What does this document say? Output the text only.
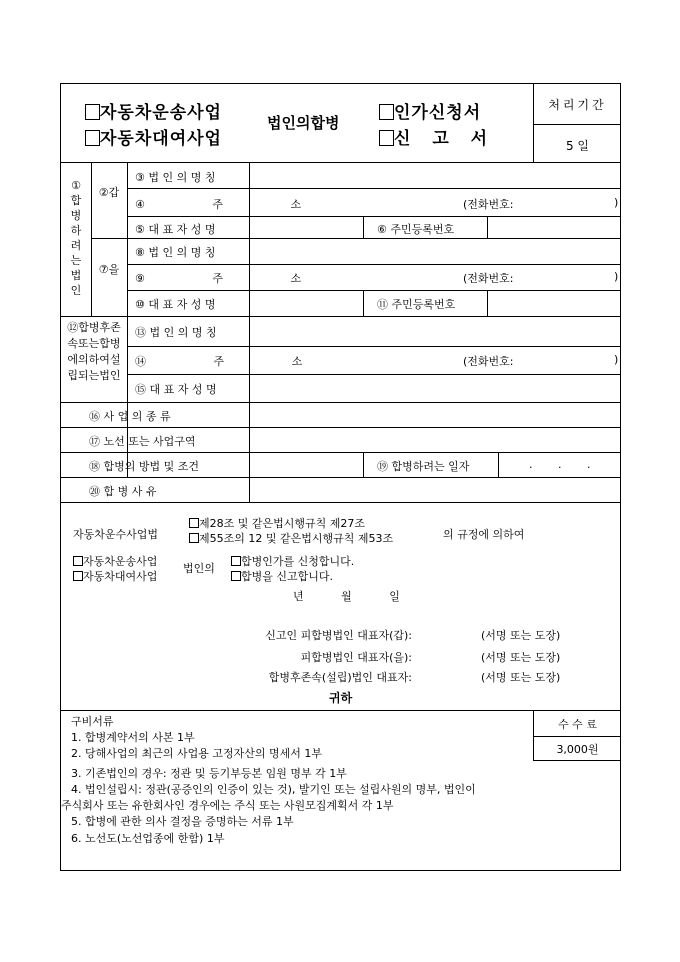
자동차운송사업
자동차대여사업
법인의합병	인가신청서
신 고 서
처리기간
5 일
①합병하려는법인
②갑
③ 법 인 의 명 칭
④ 주 소	(전화번호:	)
⑤ 대 표 자 성 명	⑥ 주민등록번호
⑦을
⑧ 법 인 의 명 칭
⑨ 주 소	(전화번호:	)
⑩ 대 표 자 성 명	⑪ 주민등록번호
⑫합병후존속또는합병에의하여설립되는법인
⑬ 법 인 의 명 칭
⑭ 주 소	(전화번호:	)
⑮ 대 표 자 성 명
⑯ 사 업 의 종 류
⑰ 노선 또는 사업구역
⑱ 합병의 방법 및 조건	⑲ 합병하려는 일자	. . .
⑳ 합 병 사 유
자동차운수사업법
제28조 및 같은법시행규칙 제27조
제55조의 12 및 같은법시행규칙 제53조	의 규정에 의하여
자동차운송사업
자동차대여사업
법인의
합병인가를 신청합니다.
합병을 신고합니다.
년 월 일
신고인 피합병법인 대표자(갑):	(서명 또는 도장)
피합병법인 대표자(을):	(서명 또는 도장)
합병후존속(설립)법인 대표자:	(서명 또는 도장)
귀하
수 수 료
3,000원
구비서류
1. 합병계약서의 사본 1부
2. 당해사업의 최근의 사업용 고정자산의 명세서 1부
3. 기존법인의 경우: 정관 및 등기부등본 임원 명부 각 1부
4. 법인설립시: 정관(공증인의 인증이 있는 것), 발기인 또는 설립사원의 명부, 법인이
주식회사 또는 유한회사인 경우에는 주식 또는 사원모집계획서 각 1부
5. 합병에 관한 의사 결정을 증명하는 서류 1부
6. 노선도(노선업종에 한함) 1부
